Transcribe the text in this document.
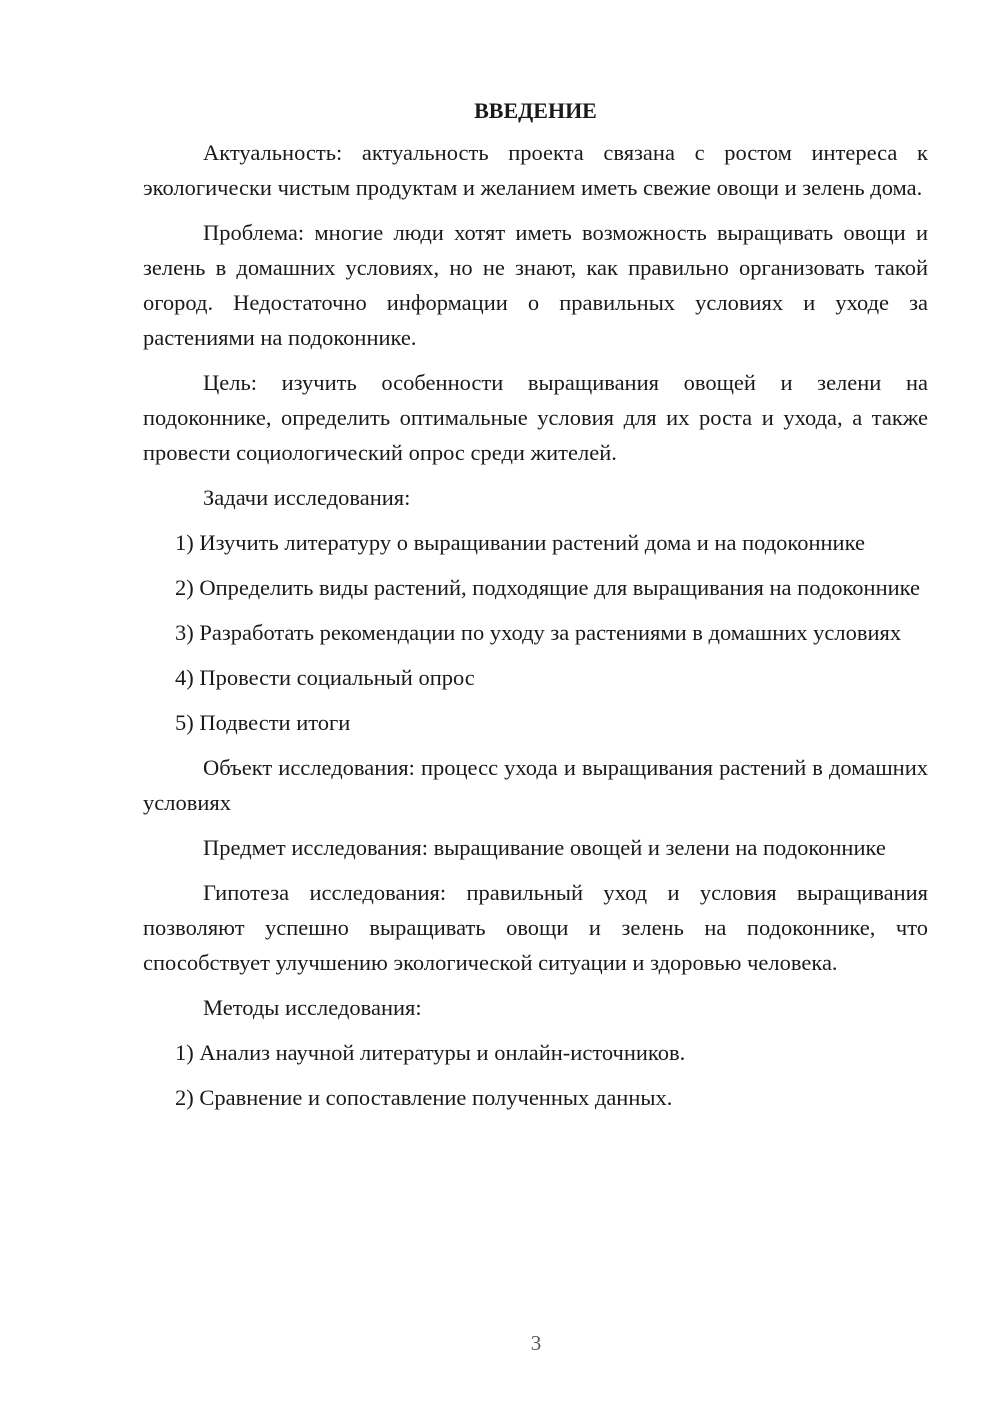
ВВЕДЕНИЕ

Актуальность: актуальность проекта связана с ростом интереса к экологически чистым продуктам и желанием иметь свежие овощи и зелень дома.

Проблема: многие люди хотят иметь возможность выращивать овощи и зелень в домашних условиях, но не знают, как правильно организовать такой огород. Недостаточно информации о правильных условиях и уходе за растениями на подоконнике.

Цель: изучить особенности выращивания овощей и зелени на подоконнике, определить оптимальные условия для их роста и ухода, а также провести социологический опрос среди жителей.

Задачи исследования:

1) Изучить литературу о выращивании растений дома и на подоконнике

2) Определить виды растений, подходящие для выращивания на подоконнике

3) Разработать рекомендации по уходу за растениями в домашних условиях

4) Провести социальный опрос

5) Подвести итоги

Объект исследования: процесс ухода и выращивания растений в домашних условиях

Предмет исследования: выращивание овощей и зелени на подоконнике

Гипотеза исследования: правильный уход и условия выращивания позволяют успешно выращивать овощи и зелень на подоконнике, что способствует улучшению экологической ситуации и здоровью человека.

Методы исследования:

1) Анализ научной литературы и онлайн-источников.

2) Сравнение и сопоставление полученных данных.

3
